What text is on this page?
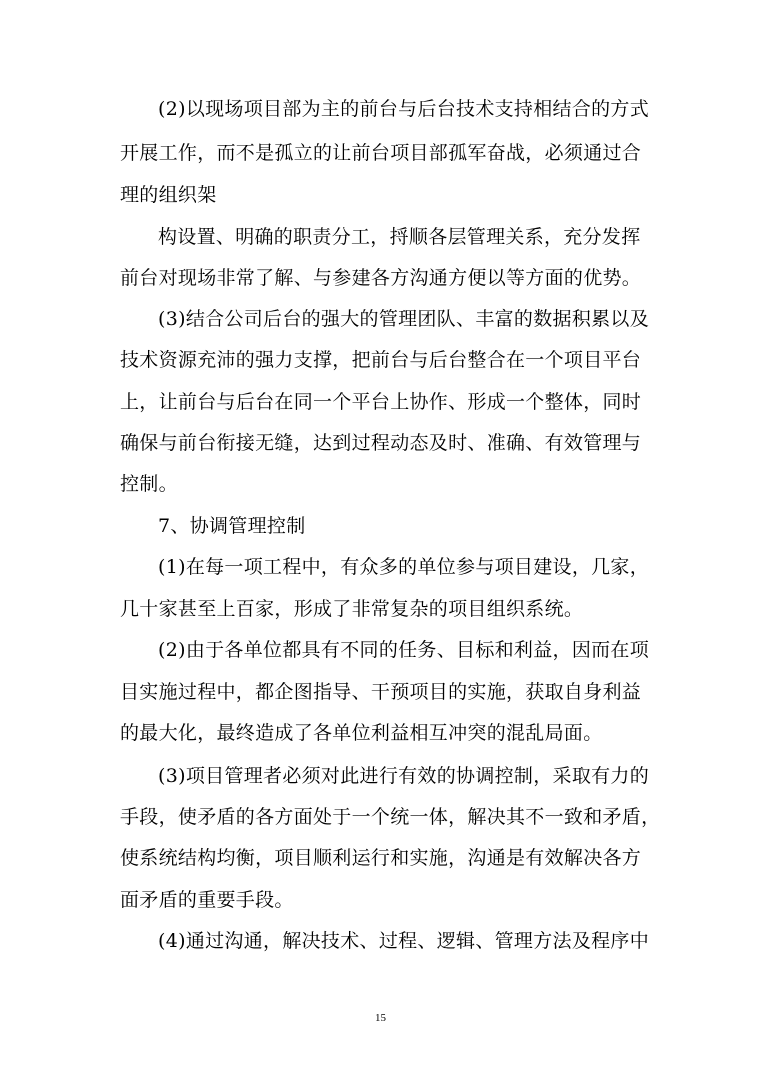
(2)以现场项目部为主的前台与后台技术支持相结合的方式
开展工作，而不是孤立的让前台项目部孤军奋战，必须通过合
理的组织架
构设置、明确的职责分工，捋顺各层管理关系，充分发挥
前台对现场非常了解、与参建各方沟通方便以等方面的优势。
(3)结合公司后台的强大的管理团队、丰富的数据积累以及
技术资源充沛的强力支撑，把前台与后台整合在一个项目平台
上，让前台与后台在同一个平台上协作、形成一个整体，同时
确保与前台衔接无缝，达到过程动态及时、准确、有效管理与
控制。
7、协调管理控制
(1)在每一项工程中，有众多的单位参与项目建设，几家，
几十家甚至上百家，形成了非常复杂的项目组织系统。
(2)由于各单位都具有不同的任务、目标和利益，因而在项
目实施过程中，都企图指导、干预项目的实施，获取自身利益
的最大化，最终造成了各单位利益相互冲突的混乱局面。
(3)项目管理者必须对此进行有效的协调控制，采取有力的
手段，使矛盾的各方面处于一个统一体，解决其不一致和矛盾，
使系统结构均衡，项目顺利运行和实施，沟通是有效解决各方
面矛盾的重要手段。
(4)通过沟通，解决技术、过程、逻辑、管理方法及程序中
15
